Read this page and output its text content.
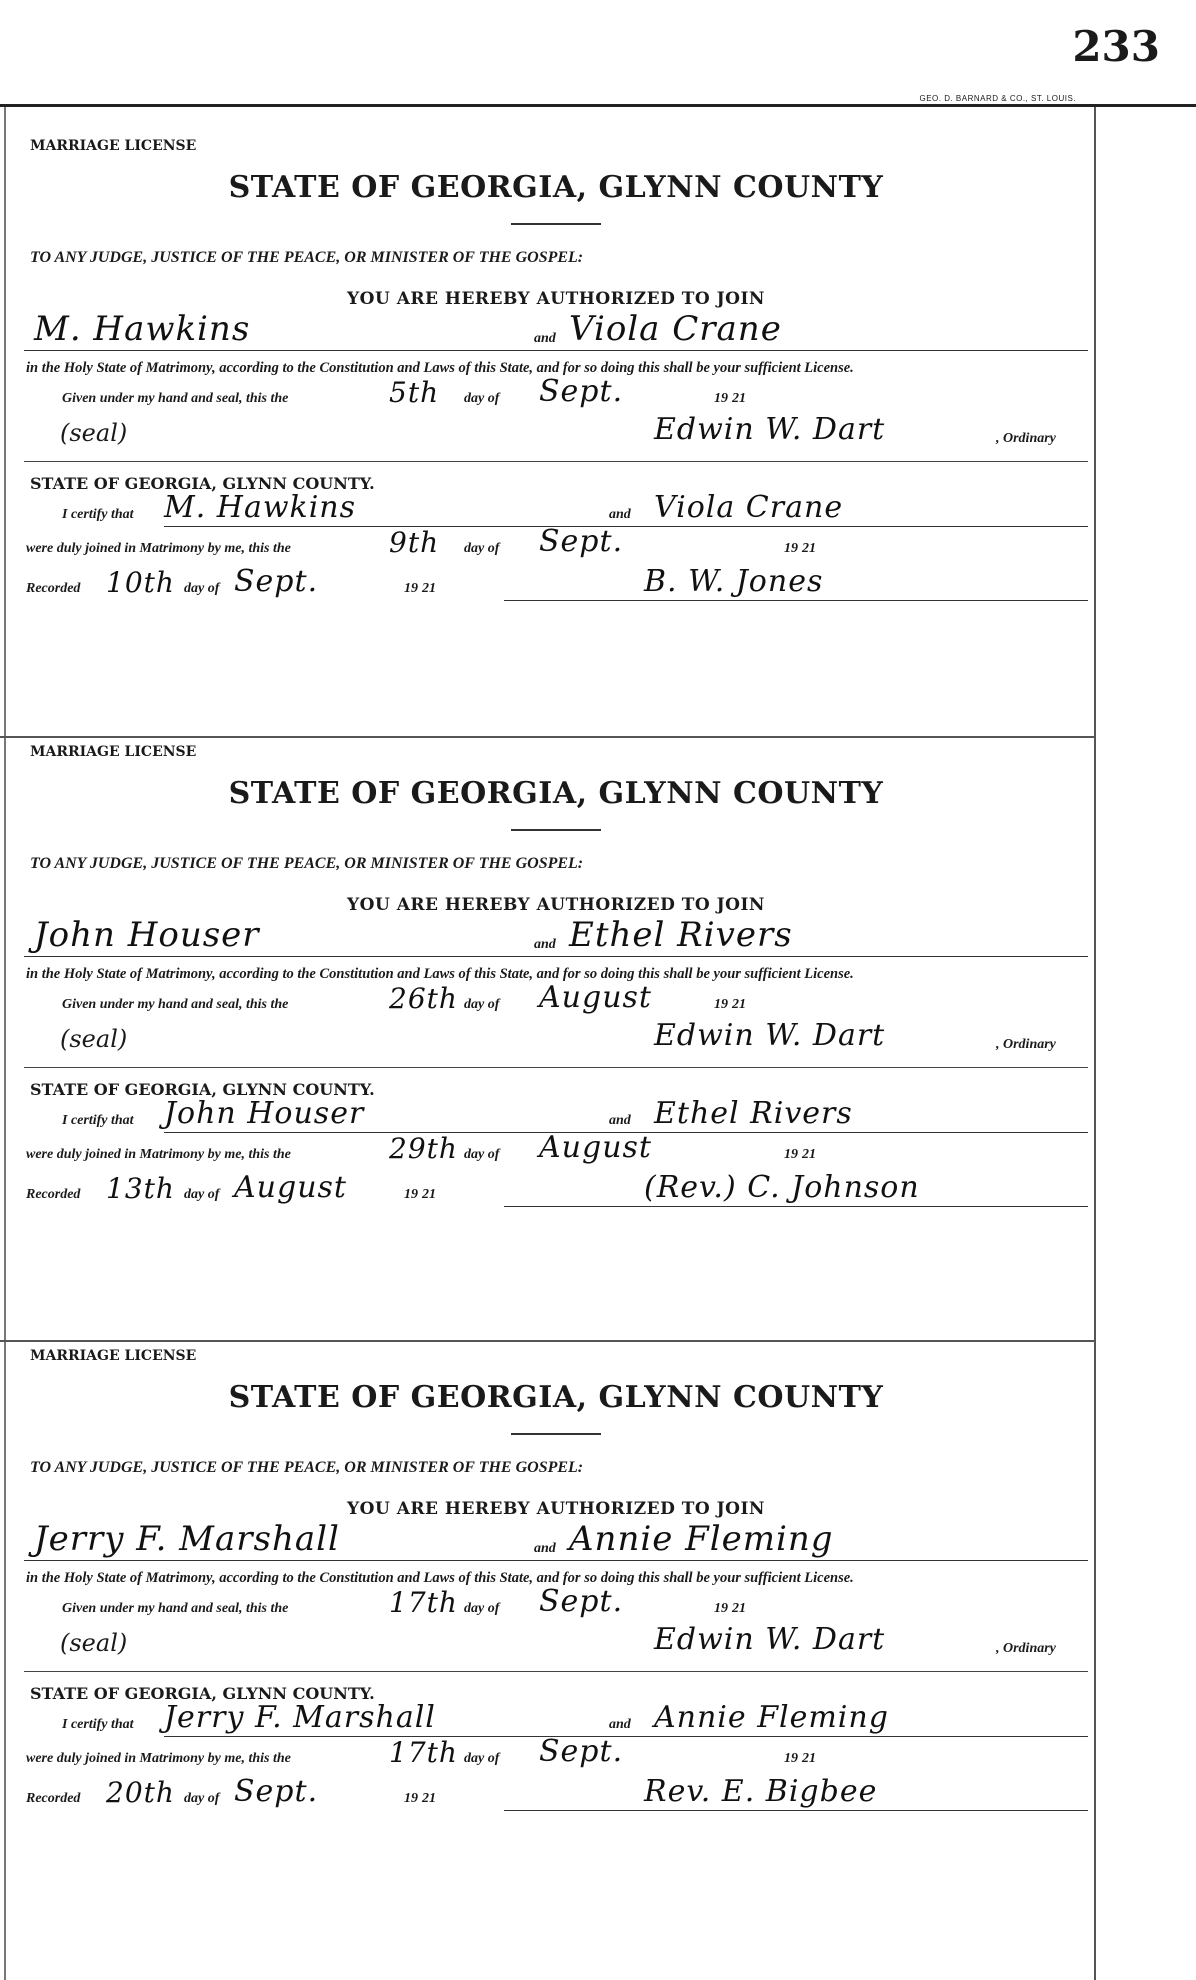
233
GEO. D. BARNARD & CO., ST. LOUIS.
MARRIAGE LICENSE
STATE OF GEORGIA, GLYNN COUNTY
TO ANY JUDGE, JUSTICE OF THE PEACE, OR MINISTER OF THE GOSPEL:
YOU ARE HEREBY AUTHORIZED TO JOIN
M. Hawkins	and Viola Crane
in the Holy State of Matrimony, according to the Constitution and Laws of this State, and for so doing this shall be your sufficient License.
Given under my hand and seal, this the	5th day of Sept.	19 21
(seal)	Edwin W. Dart	, Ordinary
STATE OF GEORGIA, GLYNN COUNTY.
I certify that M. Hawkins	and Viola Crane
were duly joined in Matrimony by me, this the	9th day of Sept.	19 21
Recorded 10th day of Sept.	19 21	B. W. Jones
MARRIAGE LICENSE
STATE OF GEORGIA, GLYNN COUNTY
TO ANY JUDGE, JUSTICE OF THE PEACE, OR MINISTER OF THE GOSPEL:
YOU ARE HEREBY AUTHORIZED TO JOIN
John Houser	and Ethel Rivers
in the Holy State of Matrimony, according to the Constitution and Laws of this State, and for so doing this shall be your sufficient License.
Given under my hand and seal, this the	26th day of August	19 21
(seal)	Edwin W. Dart	, Ordinary
STATE OF GEORGIA, GLYNN COUNTY.
I certify that John Houser	and Ethel Rivers
were duly joined in Matrimony by me, this the	29th day of August	19 21
Recorded 13th day of August	19 21	(Rev.) C. Johnson
MARRIAGE LICENSE
STATE OF GEORGIA, GLYNN COUNTY
TO ANY JUDGE, JUSTICE OF THE PEACE, OR MINISTER OF THE GOSPEL:
YOU ARE HEREBY AUTHORIZED TO JOIN
Jerry F. Marshall	and Annie Fleming
in the Holy State of Matrimony, according to the Constitution and Laws of this State, and for so doing this shall be your sufficient License.
Given under my hand and seal, this the	17th day of Sept.	19 21
(seal)	Edwin W. Dart	, Ordinary
STATE OF GEORGIA, GLYNN COUNTY.
I certify that Jerry F. Marshall	and Annie Fleming
were duly joined in Matrimony by me, this the	17th day of Sept.	19 21
Recorded 20th day of Sept.	19 21	Rev. E. Bigbee
